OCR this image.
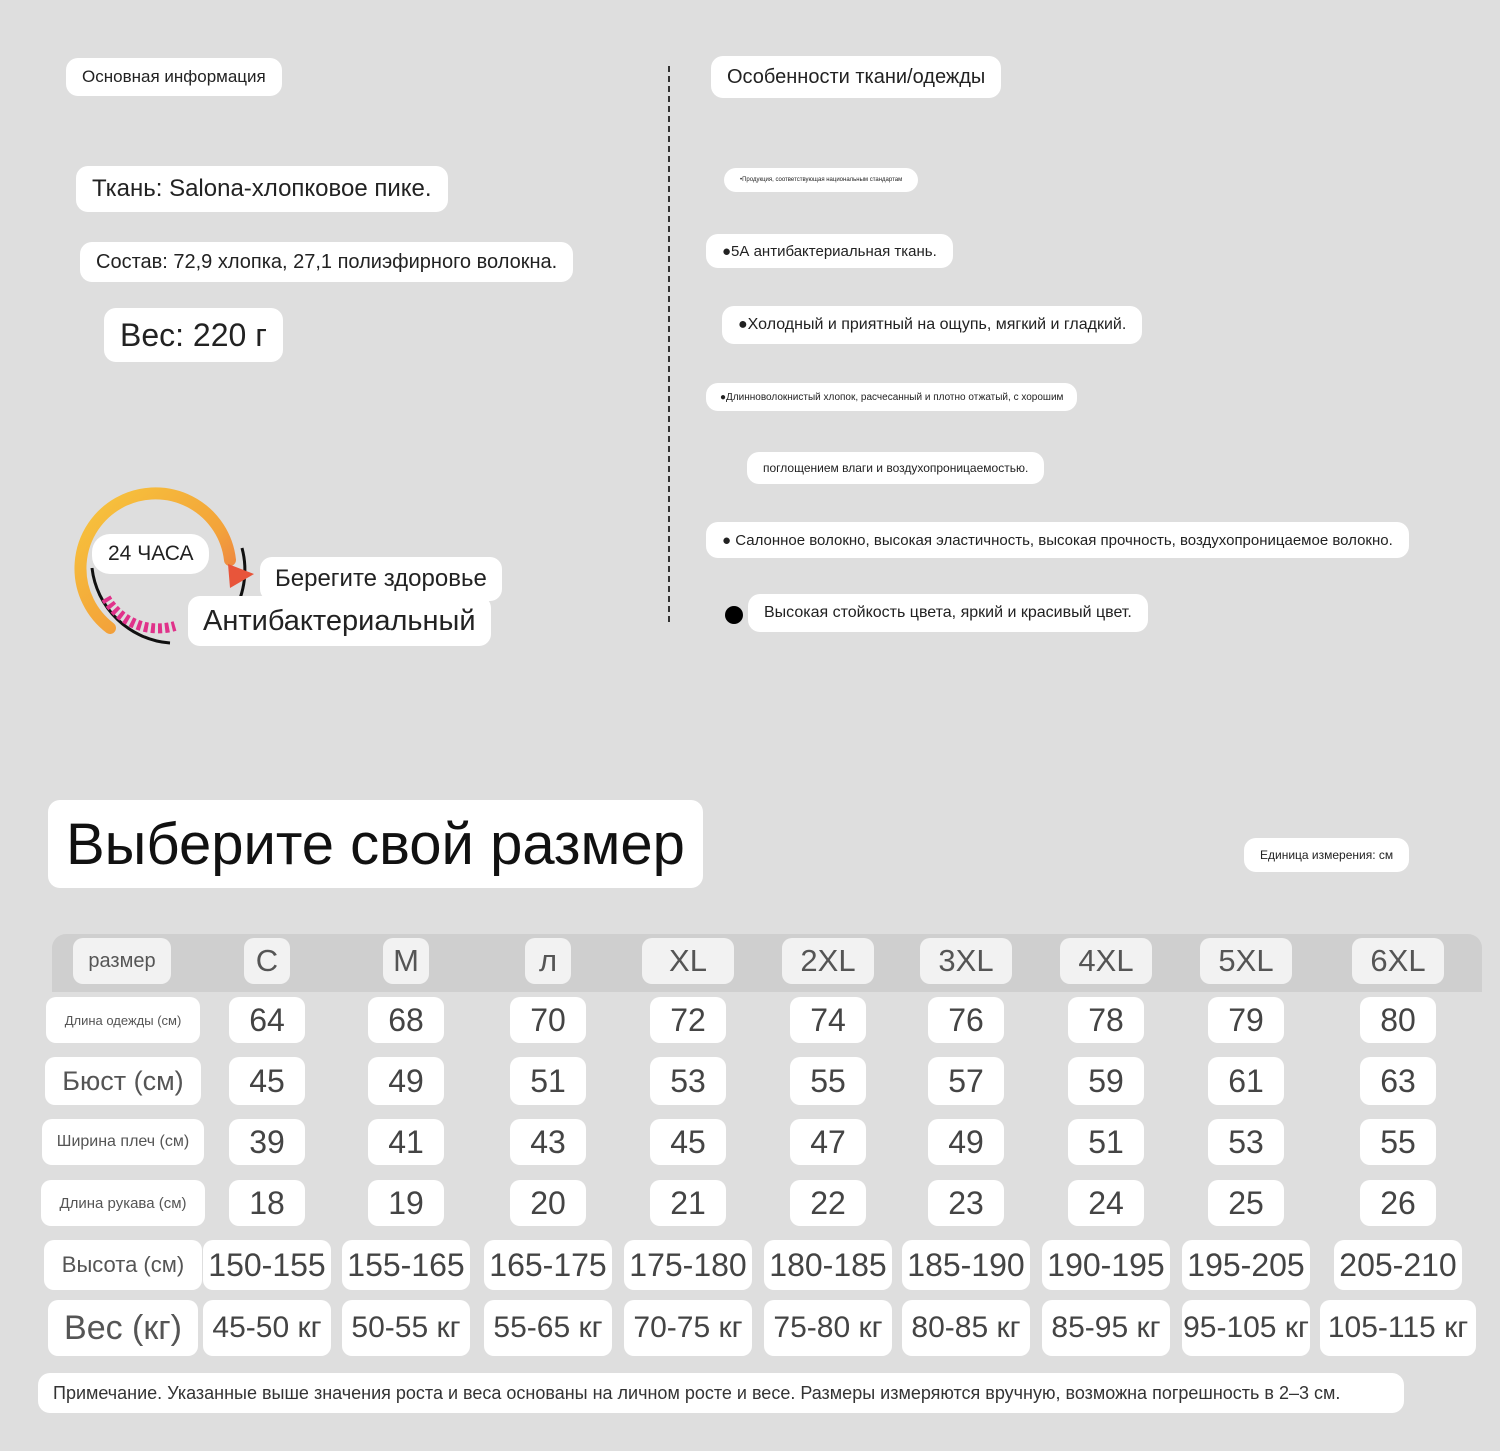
Основная информация
Ткань: Salona-хлопковое пике.
Состав: 72,9 хлопка, 27,1 полиэфирного волокна.
Вес: 220 г
24 ЧАСА
Берегите здоровье
Антибактериальный
Особенности ткани/одежды
•Продукция, соответствующая национальным стандартам
●5А антибактериальная ткань.
●Холодный и приятный на ощупь, мягкий и гладкий.
●Длинноволокнистый хлопок, расчесанный и плотно отжатый, с хорошим
поглощением влаги и воздухопроницаемостью.
● Салонное волокно, высокая эластичность, высокая прочность, воздухопроницаемое волокно.
Высокая стойкость цвета, яркий и красивый цвет.
Выберите свой размер	Единица измерения: см
размер	С	М	л	XL	2XL	3XL	4XL	5XL	6XL
Длина одежды (см)	64	68	70	72	74	76	78	79	80
Бюст (см)	45	49	51	53	55	57	59	61	63
Ширина плеч (см)	39	41	43	45	47	49	51	53	55
Длина рукава (см)	18	19	20	21	22	23	24	25	26
Высота (см) 150-155 155-165 165-175 175-180 180-185 185-190 190-195 195-205 205-210
Вес (кг)	45-50 кг 50-55 кг	55-65 кг	70-75 кг	75-80 кг 80-85 кг	85-95 кг 95-105 кг 105-115 кг
Примечание. Указанные выше значения роста и веса основаны на личном росте и весе. Размеры измеряются вручную, возможна погрешность в 2–3 см.
